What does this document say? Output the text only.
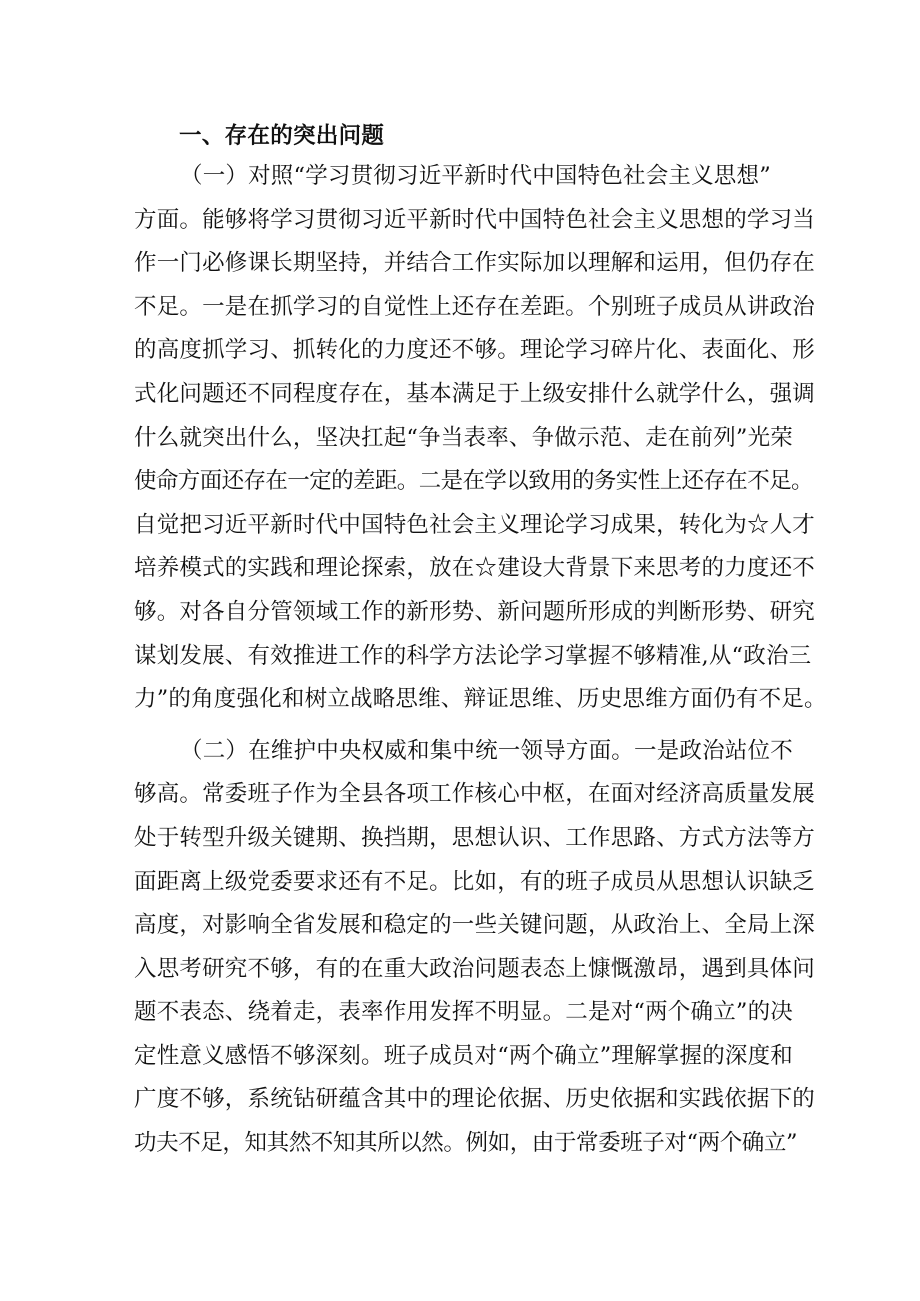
一、存在的突出问题
（一）对照“学习贯彻习近平新时代中国特色社会主义思想”
方面。能够将学习贯彻习近平新时代中国特色社会主义思想的学习当
作一门必修课长期坚持，并结合工作实际加以理解和运用，但仍存在
不足。一是在抓学习的自觉性上还存在差距。个别班子成员从讲政治
的高度抓学习、抓转化的力度还不够。理论学习碎片化、表面化、形
式化问题还不同程度存在，基本满足于上级安排什么就学什么，强调
什么就突出什么，坚决扛起“争当表率、争做示范、走在前列”光荣
使命方面还存在一定的差距。二是在学以致用的务实性上还存在不足。
自觉把习近平新时代中国特色社会主义理论学习成果，转化为☆人才
培养模式的实践和理论探索，放在☆建设大背景下来思考的力度还不
够。对各自分管领域工作的新形势、新问题所形成的判断形势、研究
谋划发展、有效推进工作的科学方法论学习掌握不够精准,从“政治三
力”的角度强化和树立战略思维、辩证思维、历史思维方面仍有不足。
（二）在维护中央权威和集中统一领导方面。一是政治站位不
够高。常委班子作为全县各项工作核心中枢，在面对经济高质量发展
处于转型升级关键期、换挡期，思想认识、工作思路、方式方法等方
面距离上级党委要求还有不足。比如，有的班子成员从思想认识缺乏
高度，对影响全省发展和稳定的一些关键问题，从政治上、全局上深
入思考研究不够，有的在重大政治问题表态上慷慨激昂，遇到具体问
题不表态、绕着走，表率作用发挥不明显。二是对“两个确立”的决
定性意义感悟不够深刻。班子成员对“两个确立”理解掌握的深度和
广度不够，系统钻研蕴含其中的理论依据、历史依据和实践依据下的
功夫不足，知其然不知其所以然。例如，由于常委班子对“两个确立”
